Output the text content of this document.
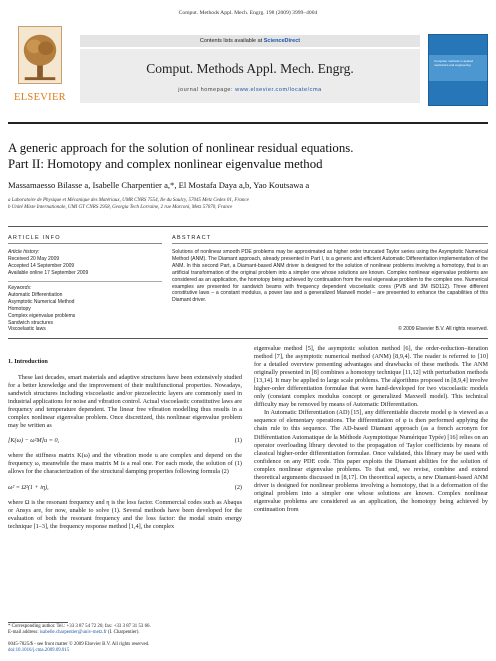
Comput. Methods Appl. Mech. Engrg. 198 (2009) 3999–4004
ELSEVIER
Contents lists available at ScienceDirect
Comput. Methods Appl. Mech. Engrg.
journal homepage: www.elsevier.com/locate/cma
Computer methods in applied mechanics and engineering
A generic approach for the solution of nonlinear residual equations.
Part II: Homotopy and complex nonlinear eigenvalue method
Massamaesso Bilasse a, Isabelle Charpentier a,*, El Mostafa Daya a,b, Yao Koutsawa a
a Laboratoire de Physique et Mécanique des Matériaux, UMR CNRS 7554, Ile du Saulcy, 57045 Metz Cedex 01, France
b Unité Mixte Internationale, UMI GT CNRS 2958, Georgia Tech Lorraine, 2 rue Marconi, Metz 57070, France
ARTICLE INFO	ABSTRACT
Article history:
Received 20 May 2009
Accepted 14 September 2009
Available online 17 September 2009
Keywords:
Automatic Differentiation
Asymptotic Numerical Method
Homotopy
Complex eigenvalue problems
Sandwich structures
Viscoelastic laws
Solutions of nonlinear smooth PDE problems may be approximated as higher order truncated Taylor series using the Asymptotic Numerical Method (ANM). The Diamant approach, already presented in Part I, is a generic and efficient Automatic Differentiation implementation of the ANM. In this second Part, a Diamant-based ANM driver is designed for the solution of nonlinear problems involving a homotopy, that is an artificial transformation of the original problem into a simpler one whose solutions are known. Complex nonlinear eigenvalue problems are considered as an application, the homotopy being achieved by continuation from the real eigenvalue problem to the complex one. Numerical examples are presented for sandwich beams with frequency dependent viscoelastic cores (PVB and 3M ISD112). Three different constitutive laws – a constant modulus, a power law and a generalized Maxwell model – are presented to enhance the capabilities of this Diamant driver.
© 2009 Elsevier B.V. All rights reserved.
1. Introduction

These last decades, smart materials and adaptive structures have been extensively studied for a better knowledge and the improvement of their multifunctional properties. Nowadays, sandwich structures including viscoelastic and/or piezoelectric layers are commonly used in industrial applications for noise and vibration control. Actual viscoelastic constitutive laws are frequency and temperature dependent. The linear free vibration modelling thus results in a complex nonlinear eigenvalue problem. Once discretized, this nonlinear eigenvalue problem may be written as

[K(ω) − ω²M]u = 0,	(1)

where the stiffness matrix K(ω) and the vibration mode u are complex and depend on the frequency ω, meanwhile the mass matrix M is a real one. For each mode, the solution of (1) allows for the characterization of the structural damping properties following formula (2)

ω² = Ω²(1 + iη),	(2)

where Ω is the resonant frequency and η is the loss factor. Commercial codes such as Abaqus or Ansys are, for now, unable to solve (1). Several methods have been developed for the evaluation of both the resonant frequency and the loss factor: the modal strain energy technique [1–3], the frequency response method [1,4], the complex

eigenvalue method [5], the asymptotic solution method [6], the order-reduction–iteration method [7], the asymptotic numerical method (ANM) [8,9,4]. The reader is referred to [10] for a detailed overview presenting advantages and drawbacks of these methods. The ANM originally presented in [8] combines a homotopy technique [11,12] with perturbation methods [13,14]. It may be applied to large scale problems. The algorithms proposed in [8,9,4] involve higher-order differentiation formulae that were hand-developed for two viscoelastic models only (constant complex modulus concept or generalized Maxwell model). This technical difficulty may be removed by means of Automatic Differentiation.

In Automatic Differentiation (AD) [15], any differentiable discrete model φ is viewed as a sequence of elementary operations. The differentiation of φ is then performed applying the chain rule to this sequence. The AD-based Diamant approach (as a french acronym for Différentiation Automatique de la Méthode Asymptotique Numérique Typée) [16] relies on an operator overloading library devoted to the propagation of Taylor coefficients by means of classical higher-order differentiation formulae. Once validated, this library may be used with confidence on any PDE code. This paper exploits the Diamant abilities for the solution of complex nonlinear eigenvalue problems. To that end, we revise, combine and extend theoretical arguments discussed in [8,17]. On theoretical aspects, a new Diamant-based ANM driver is designed for nonlinear problems involving a homotopy, that is a deformation of the original problem into a simpler one whose solutions are known. Complex nonlinear eigenvalue problems are considered as an application, the homotopy being achieved by continuation from

* Corresponding author. Tel.: +33 3 87 54 72 26; fax: +33 3 87 31 53 66.
E-mail address: isabelle.charpentier@univ-metz.fr (I. Charpentier).
0045-7825/$ - see front matter © 2009 Elsevier B.V. All rights reserved.
doi:10.1016/j.cma.2009.09.015
